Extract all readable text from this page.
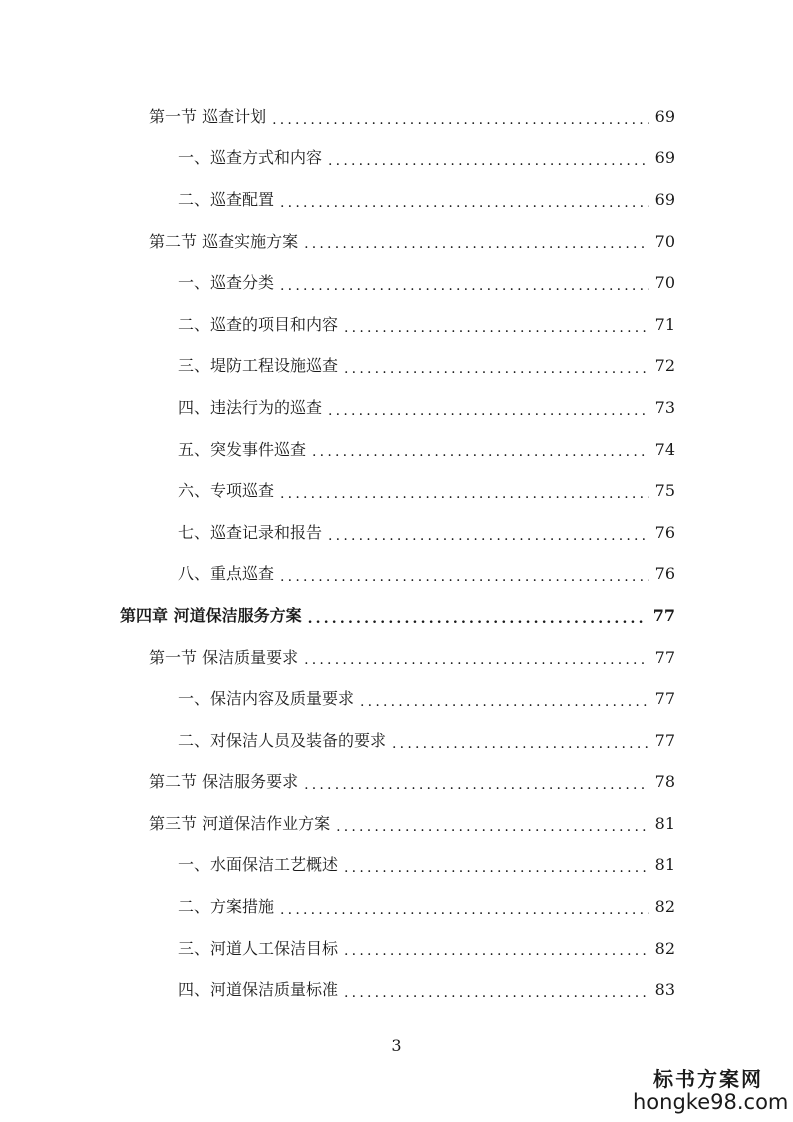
第一节 巡查计划 .....	69
一、巡查方式和内容 .....	69
二、巡查配置 .....	69
第二节 巡查实施方案 .....	70
一、巡查分类 .....	70
二、巡查的项目和内容 .....	71
三、堤防工程设施巡查 .....	72
四、违法行为的巡查 .....	73
五、突发事件巡查 .....	74
六、专项巡查 .....	75
七、巡查记录和报告 .....	76
八、重点巡查 .....	76
第四章 河道保洁服务方案 .....	77
第一节 保洁质量要求 .....	77
一、保洁内容及质量要求 .....	77
二、对保洁人员及装备的要求 .....	77
第二节 保洁服务要求 .....	78
第三节 河道保洁作业方案 .....	81
一、水面保洁工艺概述 .....	81
二、方案措施 .....	82
三、河道人工保洁目标 .....	82
四、河道保洁质量标准 .....	83
3
标书方案网
hongke98.com
